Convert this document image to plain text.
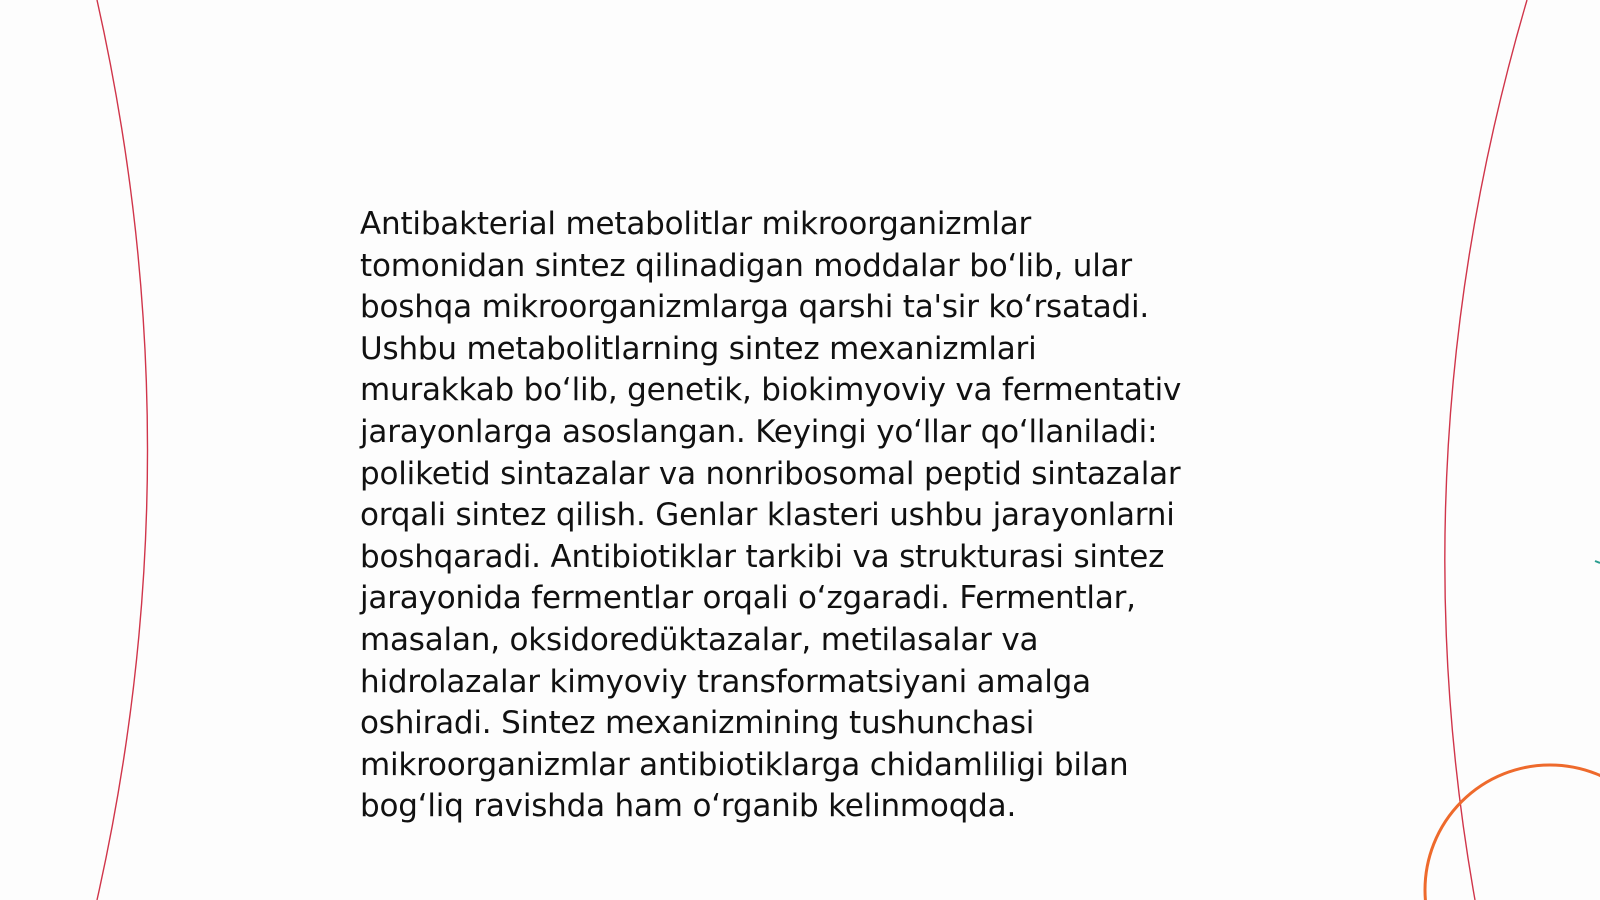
Antibakterial metabolitlar mikroorganizmlar
tomonidan sintez qilinadigan moddalar bo‘lib, ular
boshqa mikroorganizmlarga qarshi ta'sir ko‘rsatadi.
Ushbu metabolitlarning sintez mexanizmlari
murakkab bo‘lib, genetik, biokimyoviy va fermentativ
jarayonlarga asoslangan. Keyingi yo‘llar qo‘llaniladi:
poliketid sintazalar va nonribosomal peptid sintazalar
orqali sintez qilish. Genlar klasteri ushbu jarayonlarni
boshqaradi. Antibiotiklar tarkibi va strukturasi sintez
jarayonida fermentlar orqali o‘zgaradi. Fermentlar,
masalan, oksidoredüktazalar, metilasalar va
hidrolazalar kimyoviy transformatsiyani amalga
oshiradi. Sintez mexanizmining tushunchasi
mikroorganizmlar antibiotiklarga chidamliligi bilan
bog‘liq ravishda ham o‘rganib kelinmoqda.
